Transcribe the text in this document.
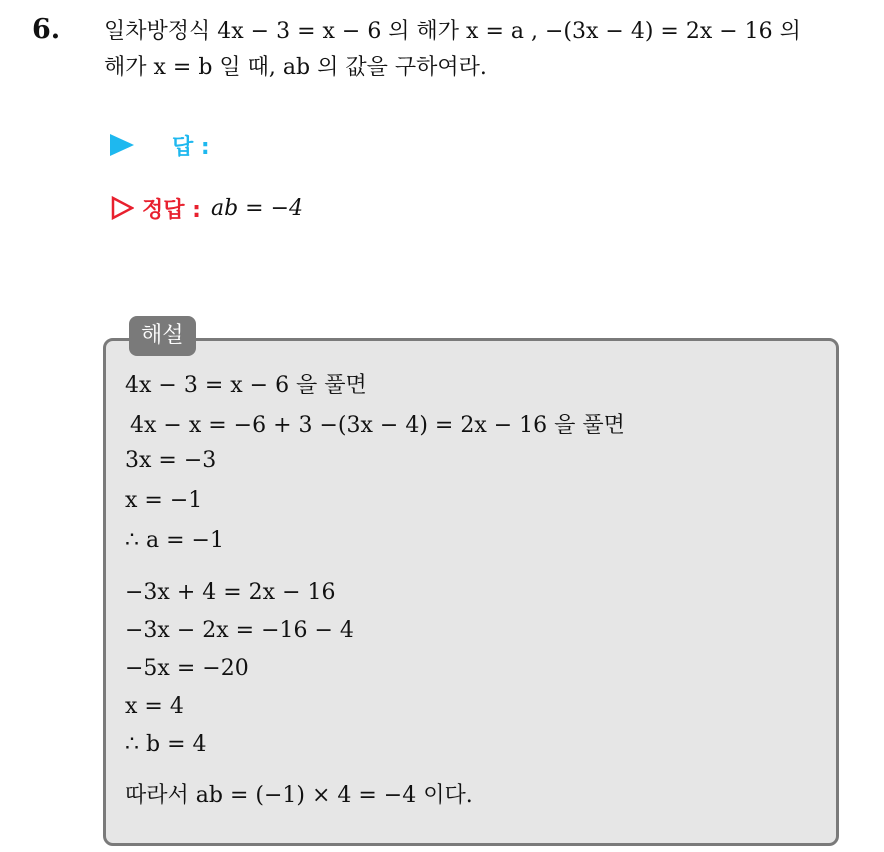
6. 일차방정식 4x − 3 = x − 6 의 해가 x = a , −(3x − 4) = 2x − 16 의
해가 x = b 일 때, ab 의 값을 구하여라.
답 :
정답 : ab = −4
해설
4x − 3 = x − 6 을 풀면
4x − x = −6 + 3 −(3x − 4) = 2x − 16 을 풀면
3x = −3
x = −1
∴ a = −1
−3x + 4 = 2x − 16
−3x − 2x = −16 − 4
−5x = −20
x = 4
∴ b = 4
따라서 ab = (−1) × 4 = −4 이다.
